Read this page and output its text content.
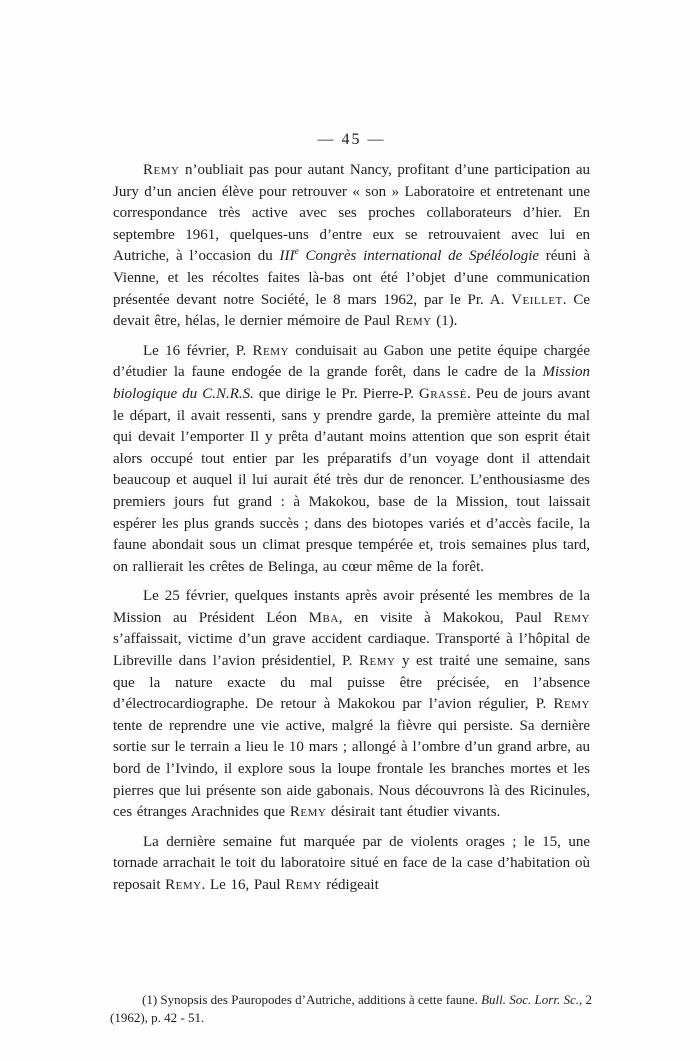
— 45 —

Remy n’oubliait pas pour autant Nancy, profitant d’une participation au Jury d’un ancien élève pour retrouver « son » Laboratoire et entretenant une correspondance très active avec ses proches collaborateurs d’hier. En septembre 1961, quelques-uns d’entre eux se retrouvaient avec lui en Autriche, à l’occasion du IIIe Congrès international de Spéléologie réuni à Vienne, et les récoltes faites là-bas ont été l’objet d’une communication présentée devant notre Société, le 8 mars 1962, par le Pr. A. Veillet. Ce devait être, hélas, le dernier mémoire de Paul Remy (1).

Le 16 février, P. Remy conduisait au Gabon une petite équipe chargée d’étudier la faune endogée de la grande forêt, dans le cadre de la Mission biologique du C.N.R.S. que dirige le Pr. Pierre-P. Grassé. Peu de jours avant le départ, il avait ressenti, sans y prendre garde, la première atteinte du mal qui devait l’emporter Il y prêta d’autant moins attention que son esprit était alors occupé tout entier par les préparatifs d’un voyage dont il attendait beaucoup et auquel il lui aurait été très dur de renoncer. L’enthousiasme des premiers jours fut grand : à Makokou, base de la Mission, tout laissait espérer les plus grands succès ; dans des biotopes variés et d’accès facile, la faune abondait sous un climat presque tempérée et, trois semaines plus tard, on rallierait les crêtes de Belinga, au cœur même de la forêt.

Le 25 février, quelques instants après avoir présenté les membres de la Mission au Président Léon Mba, en visite à Makokou, Paul Remy s’affaissait, victime d’un grave accident cardiaque. Transporté à l’hôpital de Libreville dans l’avion présidentiel, P. Remy y est traité une semaine, sans que la nature exacte du mal puisse être précisée, en l’absence d’électrocardiographe. De retour à Makokou par l’avion régulier, P. Remy tente de reprendre une vie active, malgré la fièvre qui persiste. Sa dernière sortie sur le terrain a lieu le 10 mars ; allongé à l’ombre d’un grand arbre, au bord de l’Ivindo, il explore sous la loupe frontale les branches mortes et les pierres que lui présente son aide gabonais. Nous découvrons là des Ricinules, ces étranges Arachnides que Remy désirait tant étudier vivants.

La dernière semaine fut marquée par de violents orages ; le 15, une tornade arrachait le toit du laboratoire situé en face de la case d’habitation où reposait Remy. Le 16, Paul Remy rédigeait

(1) Synopsis des Pauropodes d’Autriche, additions à cette faune. Bull. Soc. Lorr. Sc., 2 (1962), p. 42 - 51.
